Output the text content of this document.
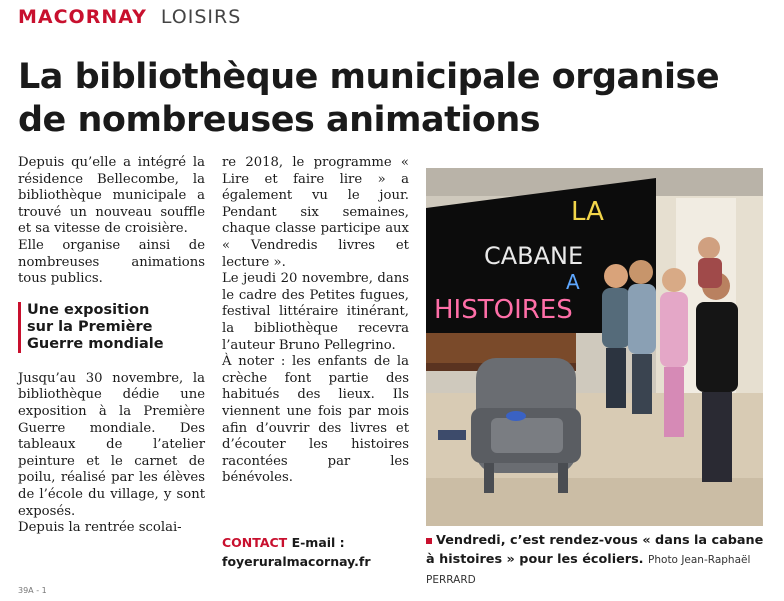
MACORNAY LOISIRS
La bibliothèque municipale organise
de nombreuses animations

Depuis qu’elle a intégré la résidence Bellecombe, la bibliothèque municipale a trouvé un nouveau souffle et sa vitesse de croisière.

Elle organise ainsi de nombreuses animations tous publics.

Une exposition
sur la Première
Guerre mondiale

Jusqu’au 30 novembre, la bibliothèque dédie une exposition à la Première Guerre mondiale. Des tableaux de l’atelier peinture et le carnet de poilu, réalisé par les élèves de l’école du village, y sont exposés.

Depuis la rentrée scolai-

re 2018, le programme « Lire et faire lire » a également vu le jour. Pendant six semaines, chaque classe participe aux « Vendredis livres et lecture ».

Le jeudi 20 novembre, dans le cadre des Petites fugues, festival littéraire itinérant, la bibliothèque recevra l’auteur Bruno Pellegrino.

À noter : les enfants de la crèche font partie des habitués des lieux. Ils viennent une fois par mois afin d’ouvrir des livres et d’écouter les histoires racontées par les bénévoles.

CONTACT E-mail :
foyeruralmacornay.fr
LA
CABANE
A
HISTOIRES
Vendredi, c’est rendez-vous « dans la cabane
à histoires » pour les écoliers. Photo Jean-Raphaël PERRARD
39A - 1
